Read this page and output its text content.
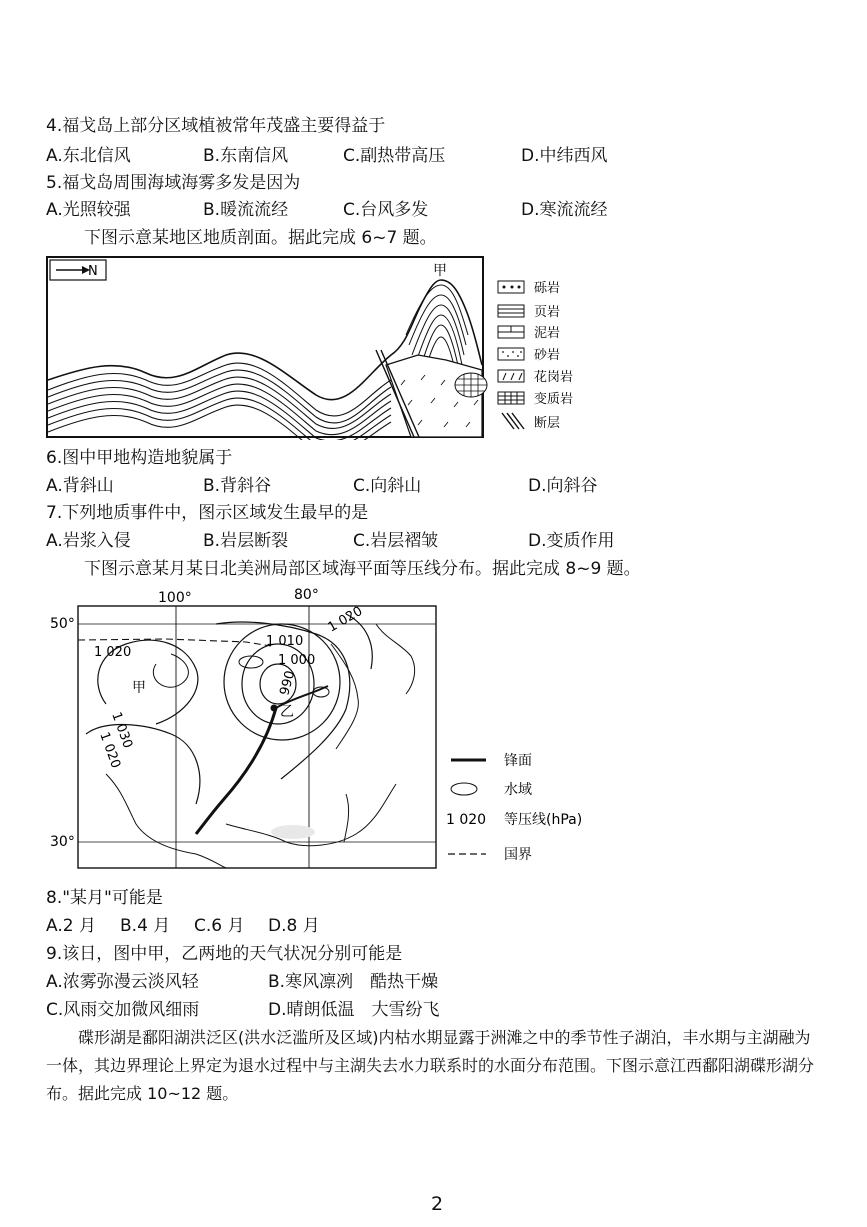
4.福戈岛上部分区域植被常年茂盛主要得益于
A.东北信风	B.东南信风	C.副热带高压	D.中纬西风
5.福戈岛周围海域海雾多发是因为
A.光照较强	B.暖流流经	C.台风多发	D.寒流流经
下图示意某地区地质剖面。据此完成 6~7 题。
N	甲
砾岩
页岩
泥岩
砂岩
花岗岩
变质岩
断层
6.图中甲地构造地貌属于
A.背斜山	B.背斜谷	C.向斜山	D.向斜谷
7.下列地质事件中，图示区域发生最早的是
A.岩浆入侵	B.岩层断裂	C.岩层褶皱	D.变质作用
下图示意某月某日北美洲局部区域海平面等压线分布。据此完成 8~9 题。
100°	80°
50°
30°
1 010
1 000
990
1 020
1 030
1 020
1 020
甲
乙
锋面
水域
1 020 等压线(hPa)
国界
8."某月"可能是
A.2 月 B.4 月 C.6 月 D.8 月
9.该日，图中甲，乙两地的天气状况分别可能是
A.浓雾弥漫云淡风轻	B.寒风凛冽　酷热干燥
C.风雨交加微风细雨	D.晴朗低温　大雪纷飞
碟形湖是鄱阳湖洪泛区(洪水泛滥所及区域)内枯水期显露于洲滩之中的季节性子湖泊，丰水期与主湖融为一体，其边界理论上界定为退水过程中与主湖失去水力联系时的水面分布范围。下图示意江西鄱阳湖碟形湖分布。据此完成 10~12 题。
2
